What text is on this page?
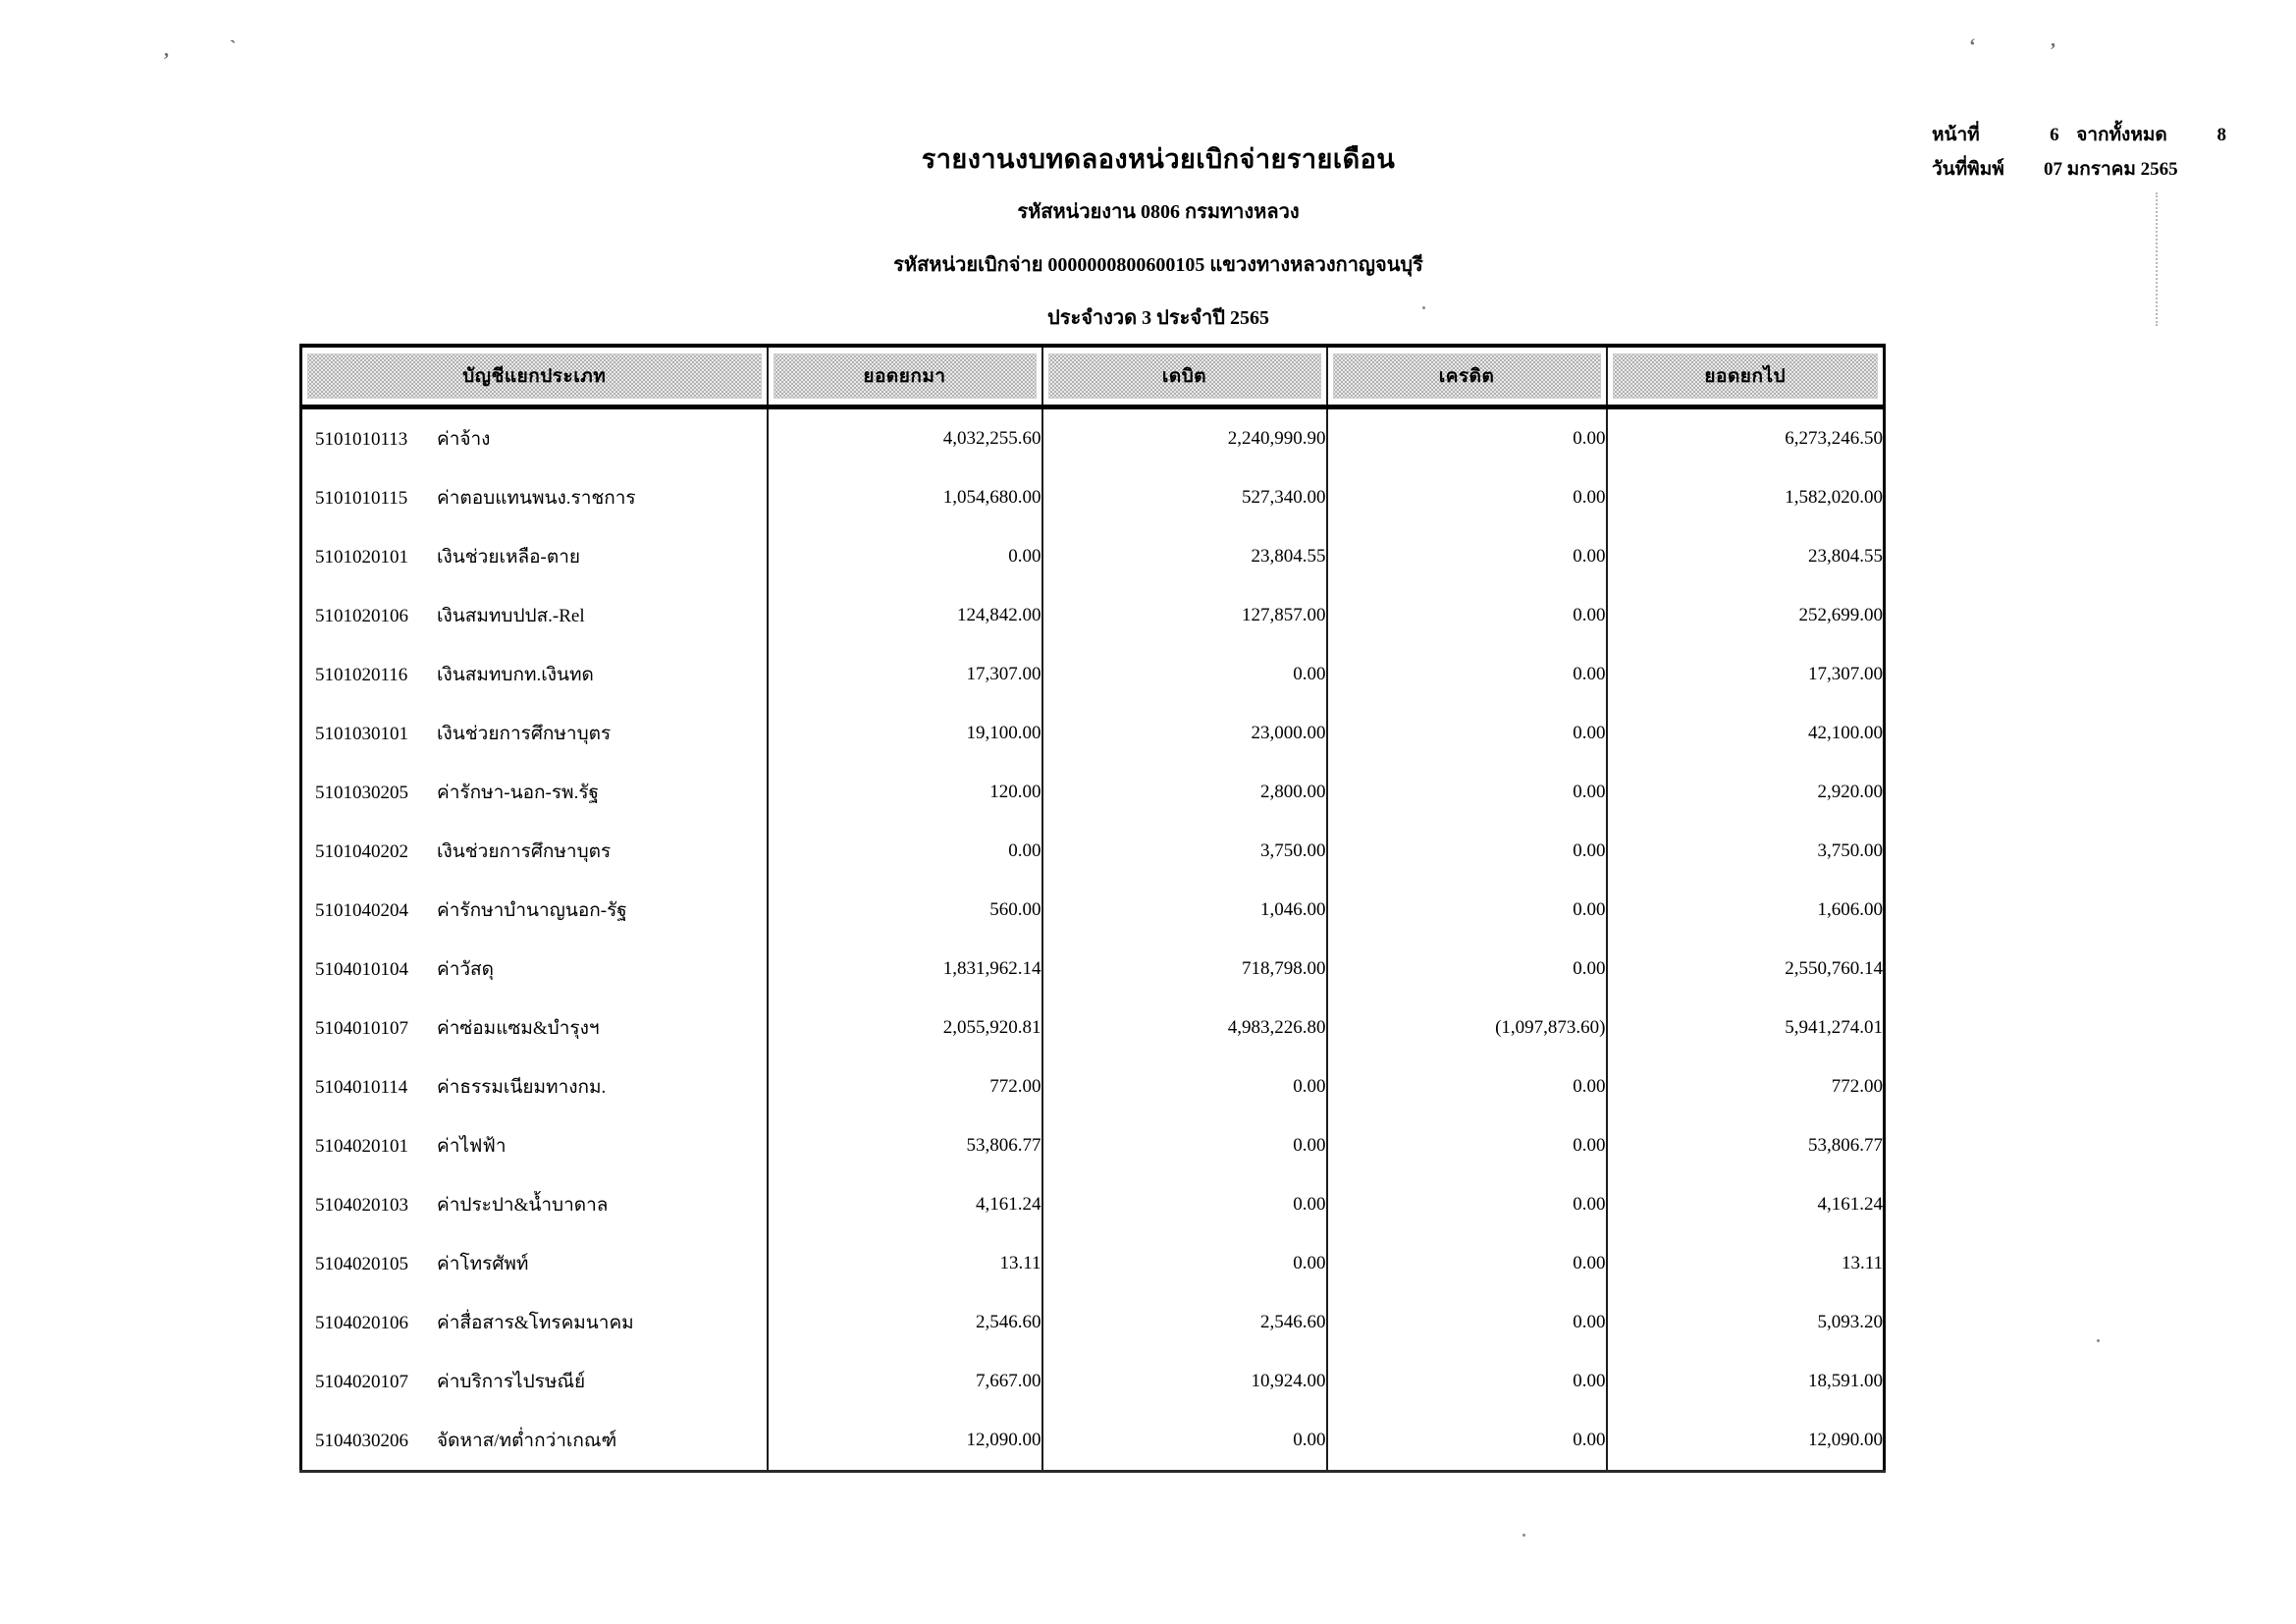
รายงานงบทดลองหน่วยเบิกจ่ายรายเดือน
รหัสหน่วยงาน 0806 กรมทางหลวง
รหัสหน่วยเบิกจ่าย 0000000800600105 แขวงทางหลวงกาญจนบุรี
ประจำงวด 3 ประจำปี 2565
หน้าที่	6 จากทั้งหมด	8
วันที่พิมพ์	07 มกราคม 2565
บัญชีแยกประเภท	ยอดยกมา	เดบิต	เครดิต	ยอดยกไป

5101010113 ค่าจ้าง	4,032,255.60	2,240,990.90	0.00	6,273,246.50
5101010115 ค่าตอบแทนพนง.ราชการ	1,054,680.00	527,340.00	0.00	1,582,020.00
5101020101 เงินช่วยเหลือ-ตาย	0.00	23,804.55	0.00	23,804.55
5101020106 เงินสมทบปปส.-Rel	124,842.00	127,857.00	0.00	252,699.00
5101020116 เงินสมทบกท.เงินทด	17,307.00	0.00	0.00	17,307.00
5101030101 เงินช่วยการศึกษาบุตร	19,100.00	23,000.00	0.00	42,100.00
5101030205 ค่ารักษา-นอก-รพ.รัฐ	120.00	2,800.00	0.00	2,920.00
5101040202 เงินช่วยการศึกษาบุตร	0.00	3,750.00	0.00	3,750.00
5101040204 ค่ารักษาบำนาญนอก-รัฐ	560.00	1,046.00	0.00	1,606.00
5104010104 ค่าวัสดุ	1,831,962.14	718,798.00	0.00	2,550,760.14
5104010107 ค่าซ่อมแซม&บำรุงฯ	2,055,920.81	4,983,226.80	(1,097,873.60)	5,941,274.01
5104010114 ค่าธรรมเนียมทางกม.	772.00	0.00	0.00	772.00
5104020101 ค่าไฟฟ้า	53,806.77	0.00	0.00	53,806.77
5104020103 ค่าประปา&น้ำบาดาล	4,161.24	0.00	0.00	4,161.24
5104020105 ค่าโทรศัพท์	13.11	0.00	0.00	13.11
5104020106 ค่าสื่อสาร&โทรคมนาคม	2,546.60	2,546.60	0.00	5,093.20
5104020107 ค่าบริการไปรษณีย์	7,667.00	10,924.00	0.00	18,591.00
5104030206 จัดหาส/ทต่ำกว่าเกณฑ์	12,090.00	0.00	0.00	12,090.00
,	`	‘	’
